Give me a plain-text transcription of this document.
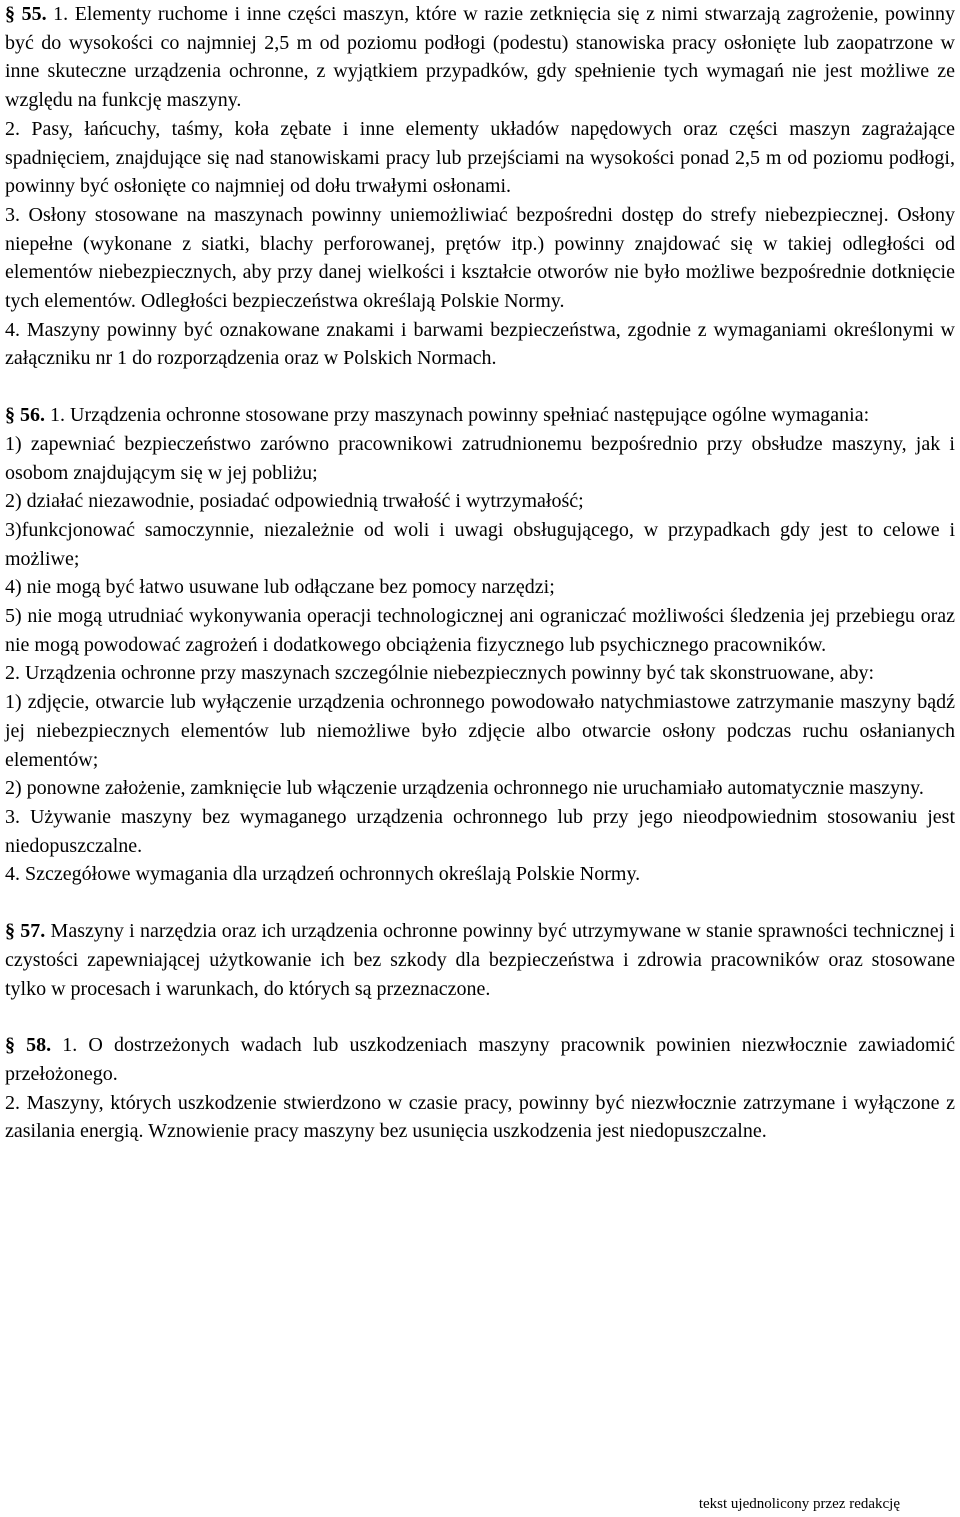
§ 55. 1. Elementy ruchome i inne części maszyn, które w razie zetknięcia się z nimi stwarzają zagrożenie, powinny być do wysokości co najmniej 2,5 m od poziomu podłogi (podestu) stanowiska pracy osłonięte lub zaopatrzone w inne skuteczne urządzenia ochronne, z wyjątkiem przypadków, gdy spełnienie tych wymagań nie jest możliwe ze względu na funkcję maszyny.

2. Pasy, łańcuchy, taśmy, koła zębate i inne elementy układów napędowych oraz części maszyn zagrażające spadnięciem, znajdujące się nad stanowiskami pracy lub przejściami na wysokości ponad 2,5 m od poziomu podłogi, powinny być osłonięte co najmniej od dołu trwałymi osłonami.

3. Osłony stosowane na maszynach powinny uniemożliwiać bezpośredni dostęp do strefy niebezpiecznej. Osłony niepełne (wykonane z siatki, blachy perforowanej, prętów itp.) powinny znajdować się w takiej odległości od elementów niebezpiecznych, aby przy danej wielkości i kształcie otworów nie było możliwe bezpośrednie dotknięcie tych elementów. Odległości bezpieczeństwa określają Polskie Normy.

4. Maszyny powinny być oznakowane znakami i barwami bezpieczeństwa, zgodnie z wymaganiami określonymi w załączniku nr 1 do rozporządzenia oraz w Polskich Normach.

§ 56. 1. Urządzenia ochronne stosowane przy maszynach powinny spełniać następujące ogólne wymagania:

1) zapewniać bezpieczeństwo zarówno pracownikowi zatrudnionemu bezpośrednio przy obsłudze maszyny, jak i osobom znajdującym się w jej pobliżu;

2) działać niezawodnie, posiadać odpowiednią trwałość i wytrzymałość;

3)funkcjonować samoczynnie, niezależnie od woli i uwagi obsługującego, w przypadkach gdy jest to celowe i możliwe;

4) nie mogą być łatwo usuwane lub odłączane bez pomocy narzędzi;

5) nie mogą utrudniać wykonywania operacji technologicznej ani ograniczać możliwości śledzenia jej przebiegu oraz nie mogą powodować zagrożeń i dodatkowego obciążenia fizycznego lub psychicznego pracowników.

2. Urządzenia ochronne przy maszynach szczególnie niebezpiecznych powinny być tak skonstruowane, aby:

1) zdjęcie, otwarcie lub wyłączenie urządzenia ochronnego powodowało natychmiastowe zatrzymanie maszyny bądź jej niebezpiecznych elementów lub niemożliwe było zdjęcie albo otwarcie osłony podczas ruchu osłanianych elementów;

2) ponowne założenie, zamknięcie lub włączenie urządzenia ochronnego nie uruchamiało automatycznie maszyny.

3. Używanie maszyny bez wymaganego urządzenia ochronnego lub przy jego nieodpowiednim stosowaniu jest niedopuszczalne.

4. Szczegółowe wymagania dla urządzeń ochronnych określają Polskie Normy.

§ 57. Maszyny i narzędzia oraz ich urządzenia ochronne powinny być utrzymywane w stanie sprawności technicznej i czystości zapewniającej użytkowanie ich bez szkody dla bezpieczeństwa i zdrowia pracowników oraz stosowane tylko w procesach i warunkach, do których są przeznaczone.

§ 58. 1. O dostrzeżonych wadach lub uszkodzeniach maszyny pracownik powinien niezwłocznie zawiadomić przełożonego.

2. Maszyny, których uszkodzenie stwierdzono w czasie pracy, powinny być niezwłocznie zatrzymane i wyłączone z zasilania energią. Wznowienie pracy maszyny bez usunięcia uszkodzenia jest niedopuszczalne.

tekst ujednolicony przez redakcję
